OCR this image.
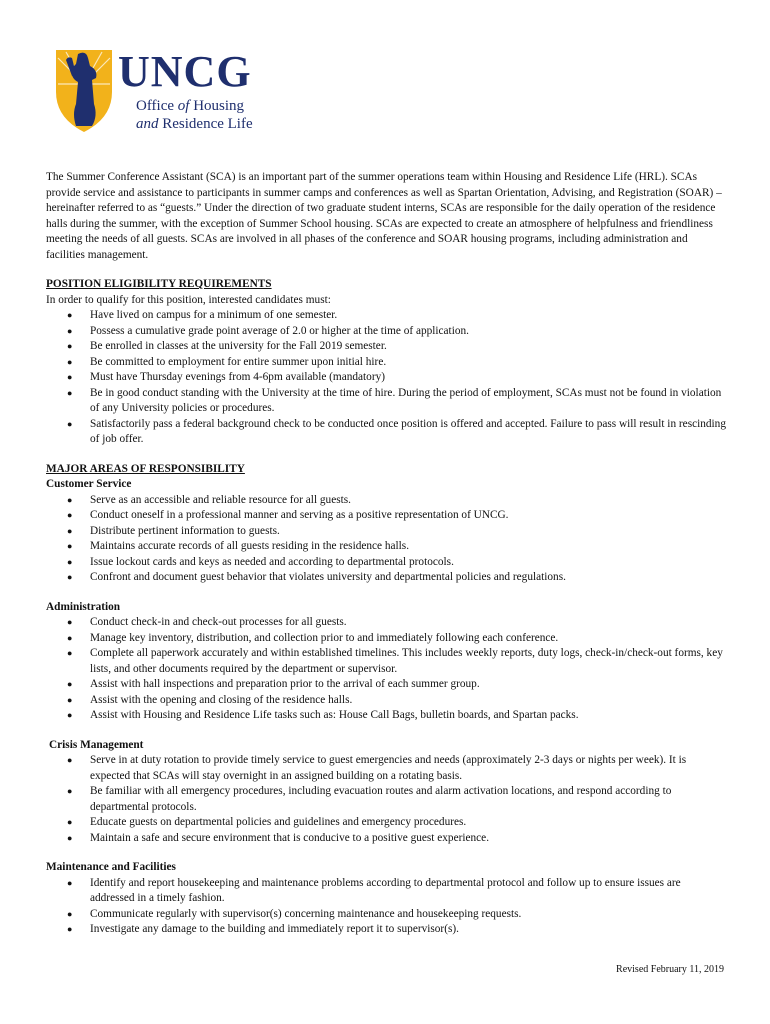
UNCG
Office of Housing
and Residence Life

The Summer Conference Assistant (SCA) is an important part of the summer operations team within Housing and Residence Life (HRL). SCAs provide service and assistance to participants in summer camps and conferences as well as Spartan Orientation, Advising, and Registration (SOAR) – hereinafter referred to as “guests.” Under the direction of two graduate student interns, SCAs are responsible for the daily operation of the residence halls during the summer, with the exception of Summer School housing. SCAs are expected to create an atmosphere of helpfulness and friendliness meeting the needs of all guests. SCAs are involved in all phases of the conference and SOAR housing programs, including administration and facilities management.

POSITION ELIGIBILITY REQUIREMENTS

In order to qualify for this position, interested candidates must:

● Have lived on campus for a minimum of one semester.
● Possess a cumulative grade point average of 2.0 or higher at the time of application.
● Be enrolled in classes at the university for the Fall 2019 semester.
● Be committed to employment for entire summer upon initial hire.
● Must have Thursday evenings from 4-6pm available (mandatory)
● Be in good conduct standing with the University at the time of hire. During the period of employment, SCAs must not be found in violation of any University policies or procedures.
● Satisfactorily pass a federal background check to be conducted once position is offered and accepted. Failure to pass will result in rescinding of job offer.

MAJOR AREAS OF RESPONSIBILITY

Customer Service

● Serve as an accessible and reliable resource for all guests.
● Conduct oneself in a professional manner and serving as a positive representation of UNCG.
● Distribute pertinent information to guests.
● Maintains accurate records of all guests residing in the residence halls.
● Issue lockout cards and keys as needed and according to departmental protocols.
● Confront and document guest behavior that violates university and departmental policies and regulations.

Administration

● Conduct check-in and check-out processes for all guests.
● Manage key inventory, distribution, and collection prior to and immediately following each conference.
● Complete all paperwork accurately and within established timelines. This includes weekly reports, duty logs, check-in/check-out forms, key lists, and other documents required by the department or supervisor.
● Assist with hall inspections and preparation prior to the arrival of each summer group.
● Assist with the opening and closing of the residence halls.
● Assist with Housing and Residence Life tasks such as: House Call Bags, bulletin boards, and Spartan packs.

Crisis Management

● Serve in at duty rotation to provide timely service to guest emergencies and needs (approximately 2-3 days or nights per week). It is expected that SCAs will stay overnight in an assigned building on a rotating basis.
● Be familiar with all emergency procedures, including evacuation routes and alarm activation locations, and respond according to departmental protocols.
● Educate guests on departmental policies and guidelines and emergency procedures.
● Maintain a safe and secure environment that is conducive to a positive guest experience.

Maintenance and Facilities

● Identify and report housekeeping and maintenance problems according to departmental protocol and follow up to ensure issues are addressed in a timely fashion.
● Communicate regularly with supervisor(s) concerning maintenance and housekeeping requests.
● Investigate any damage to the building and immediately report it to supervisor(s).
Revised February 11, 2019
